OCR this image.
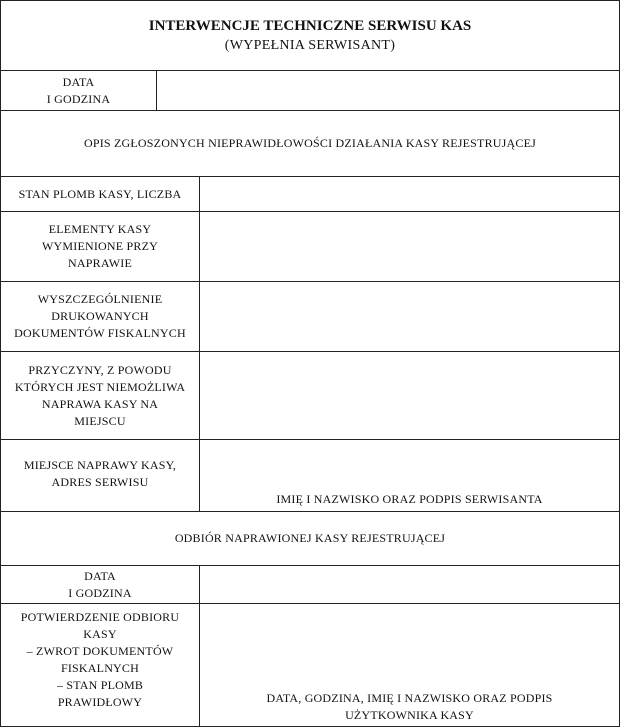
INTERWENCJE TECHNICZNE SERWISU KAS
(WYPEŁNIA SERWISANT)
DATA
I GODZINA
OPIS ZGŁOSZONYCH NIEPRAWIDŁOWOŚCI DZIAŁANIA KASY REJESTRUJĄCEJ
STAN PLOMB KASY, LICZBA
ELEMENTY KASY
WYMIENIONE PRZY
NAPRAWIE
WYSZCZEGÓLNIENIE
DRUKOWANYCH
DOKUMENTÓW FISKALNYCH
PRZYCZYNY, Z POWODU
KTÓRYCH JEST NIEMOŻLIWA
NAPRAWA KASY NA
MIEJSCU
MIEJSCE NAPRAWY KASY,
ADRES SERWISU
IMIĘ I NAZWISKO ORAZ PODPIS SERWISANTA
ODBIÓR NAPRAWIONEJ KASY REJESTRUJĄCEJ
DATA
I GODZINA
POTWIERDZENIE ODBIORU
KASY
– ZWROT DOKUMENTÓW
FISKALNYCH
– STAN PLOMB
PRAWIDŁOWY	DATA, GODZINA, IMIĘ I NAZWISKO ORAZ PODPIS
UŻYTKOWNIKA KASY
